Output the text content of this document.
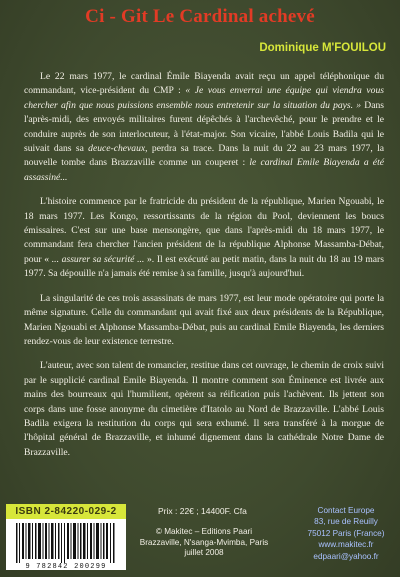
Ci - Git Le Cardinal achevé
Dominique M'FOUILOU

Le 22 mars 1977, le cardinal Émile Biayenda avait reçu un appel téléphonique du commandant, vice-président du CMP : « Je vous enverrai une équipe qui viendra vous chercher afin que nous puissions ensemble nous entretenir sur la situation du pays. » Dans l'après-midi, des envoyés militaires furent dépêchés à l'archevêché, pour le prendre et le conduire auprès de son interlocuteur, à l'état-major. Son vicaire, l'abbé Louis Badila qui le suivait dans sa deuce-chevaux, perdra sa trace. Dans la nuit du 22 au 23 mars 1977, la nouvelle tombe dans Brazzaville comme un couperet : le cardinal Emile Biayenda a été assassiné...

L'histoire commence par le fratricide du président de la république, Marien Ngouabi, le 18 mars 1977. Les Kongo, ressortissants de la région du Pool, deviennent les boucs émissaires. C'est sur une base mensongère, que dans l'après-midi du 18 mars 1977, le commandant fera chercher l'ancien président de la république Alphonse Massamba-Débat, pour « ... assurer sa sécurité ... ». Il est exécuté au petit matin, dans la nuit du 18 au 19 mars 1977. Sa dépouille n'a jamais été remise à sa famille, jusqu'à aujourd'hui.

La singularité de ces trois assassinats de mars 1977, est leur mode opératoire qui porte la même signature. Celle du commandant qui avait fixé aux deux présidents de la République, Marien Ngouabi et Alphonse Massamba-Débat, puis au cardinal Emile Biayenda, les derniers rendez-vous de leur existence terrestre.

L'auteur, avec son talent de romancier, restitue dans cet ouvrage, le chemin de croix suivi par le supplicié cardinal Emile Biayenda. Il montre comment son Éminence est livrée aux mains des bourreaux qui l'humilient, opèrent sa réification puis l'achèvent. Ils jettent son corps dans une fosse anonyme du cimetière d'Itatolo au Nord de Brazzaville. L'abbé Louis Badila exigera la restitution du corps qui sera exhumé. Il sera transféré à la morgue de l'hôpital général de Brazzaville, et inhumé dignement dans la cathédrale Notre Dame de Brazzaville.

ISBN 2-84220-029-2
9 782842 200299
Prix : 22€ ; 14400F. Cfa
© Makitec – Editions Paari
Brazzaville, N'sanga-Mvimba, Paris
juillet 2008
Contact Europe
83, rue de Reuilly
75012 Paris (France)
www.makitec.fr
edpaari@yahoo.fr
